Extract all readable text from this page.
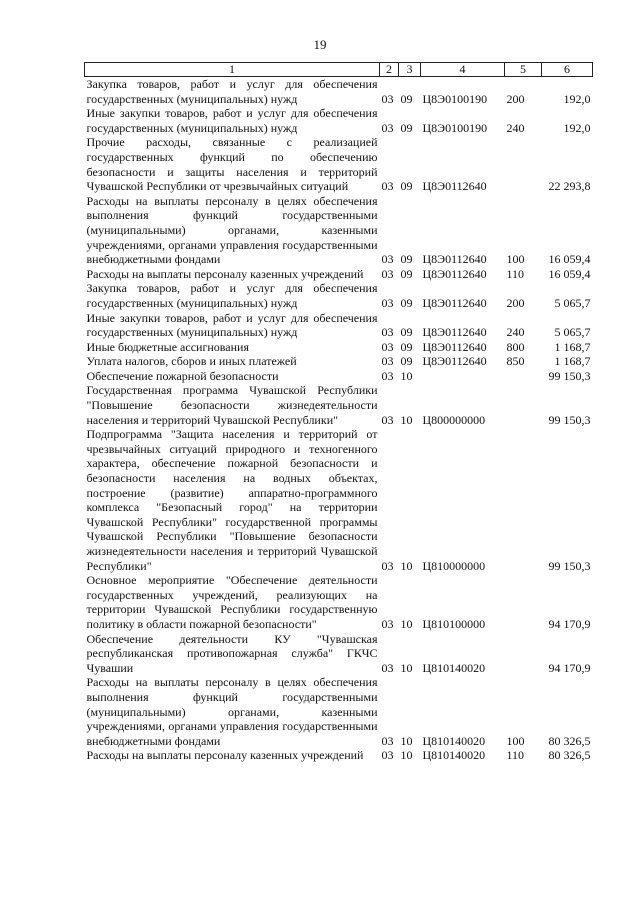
19
1	2	3	4	5	6
Закупка товаров, работ и услуг для обеспечения государственных (муниципальных) нужд	03	09	Ц8Э0100190	200	192,0
Иные закупки товаров, работ и услуг для обеспечения государственных (муниципальных) нужд	03	09	Ц8Э0100190	240	192,0
Прочие расходы, связанные с реализацией государственных функций по обеспечению безопасности и защиты населения и территорий Чувашской Республики от чрезвычайных ситуаций	03	09	Ц8Э0112640		22 293,8
Расходы на выплаты персоналу в целях обеспечения выполнения функций государственными (муниципальными) органами, казенными учреждениями, органами управления государственными внебюджетными фондами	03	09	Ц8Э0112640	100	16 059,4
Расходы на выплаты персоналу казенных учреждений	03	09	Ц8Э0112640	110	16 059,4
Закупка товаров, работ и услуг для обеспечения государственных (муниципальных) нужд	03	09	Ц8Э0112640	200	5 065,7
Иные закупки товаров, работ и услуг для обеспечения государственных (муниципальных) нужд	03	09	Ц8Э0112640	240	5 065,7
Иные бюджетные ассигнования	03	09	Ц8Э0112640	800	1 168,7
Уплата налогов, сборов и иных платежей	03	09	Ц8Э0112640	850	1 168,7
Обеспечение пожарной безопасности	03	10			99 150,3
Государственная программа Чувашской Республики "Повышение безопасности жизнедеятельности населения и территорий Чувашской Республики"	03	10	Ц800000000		99 150,3
Подпрограмма "Защита населения и территорий от чрезвычайных ситуаций природного и техногенного характера, обеспечение пожарной безопасности и безопасности населения на водных объектах, построение (развитие) аппаратно-программного комплекса "Безопасный город" на территории Чувашской Республики" государственной программы Чувашской Республики "Повышение безопасности жизнедеятельности населения и территорий Чувашской Республики"	03	10	Ц810000000		99 150,3
Основное мероприятие "Обеспечение деятельности государственных учреждений, реализующих на территории Чувашской Республики государственную политику в области пожарной безопасности"	03	10	Ц810100000		94 170,9
Обеспечение деятельности КУ "Чувашская республиканская противопожарная служба" ГКЧС Чувашии	03	10	Ц810140020		94 170,9
Расходы на выплаты персоналу в целях обеспечения выполнения функций государственными (муниципальными) органами, казенными учреждениями, органами управления государственными внебюджетными фондами	03	10	Ц810140020	100	80 326,5
Расходы на выплаты персоналу казенных учреждений	03	10	Ц810140020	110	80 326,5
